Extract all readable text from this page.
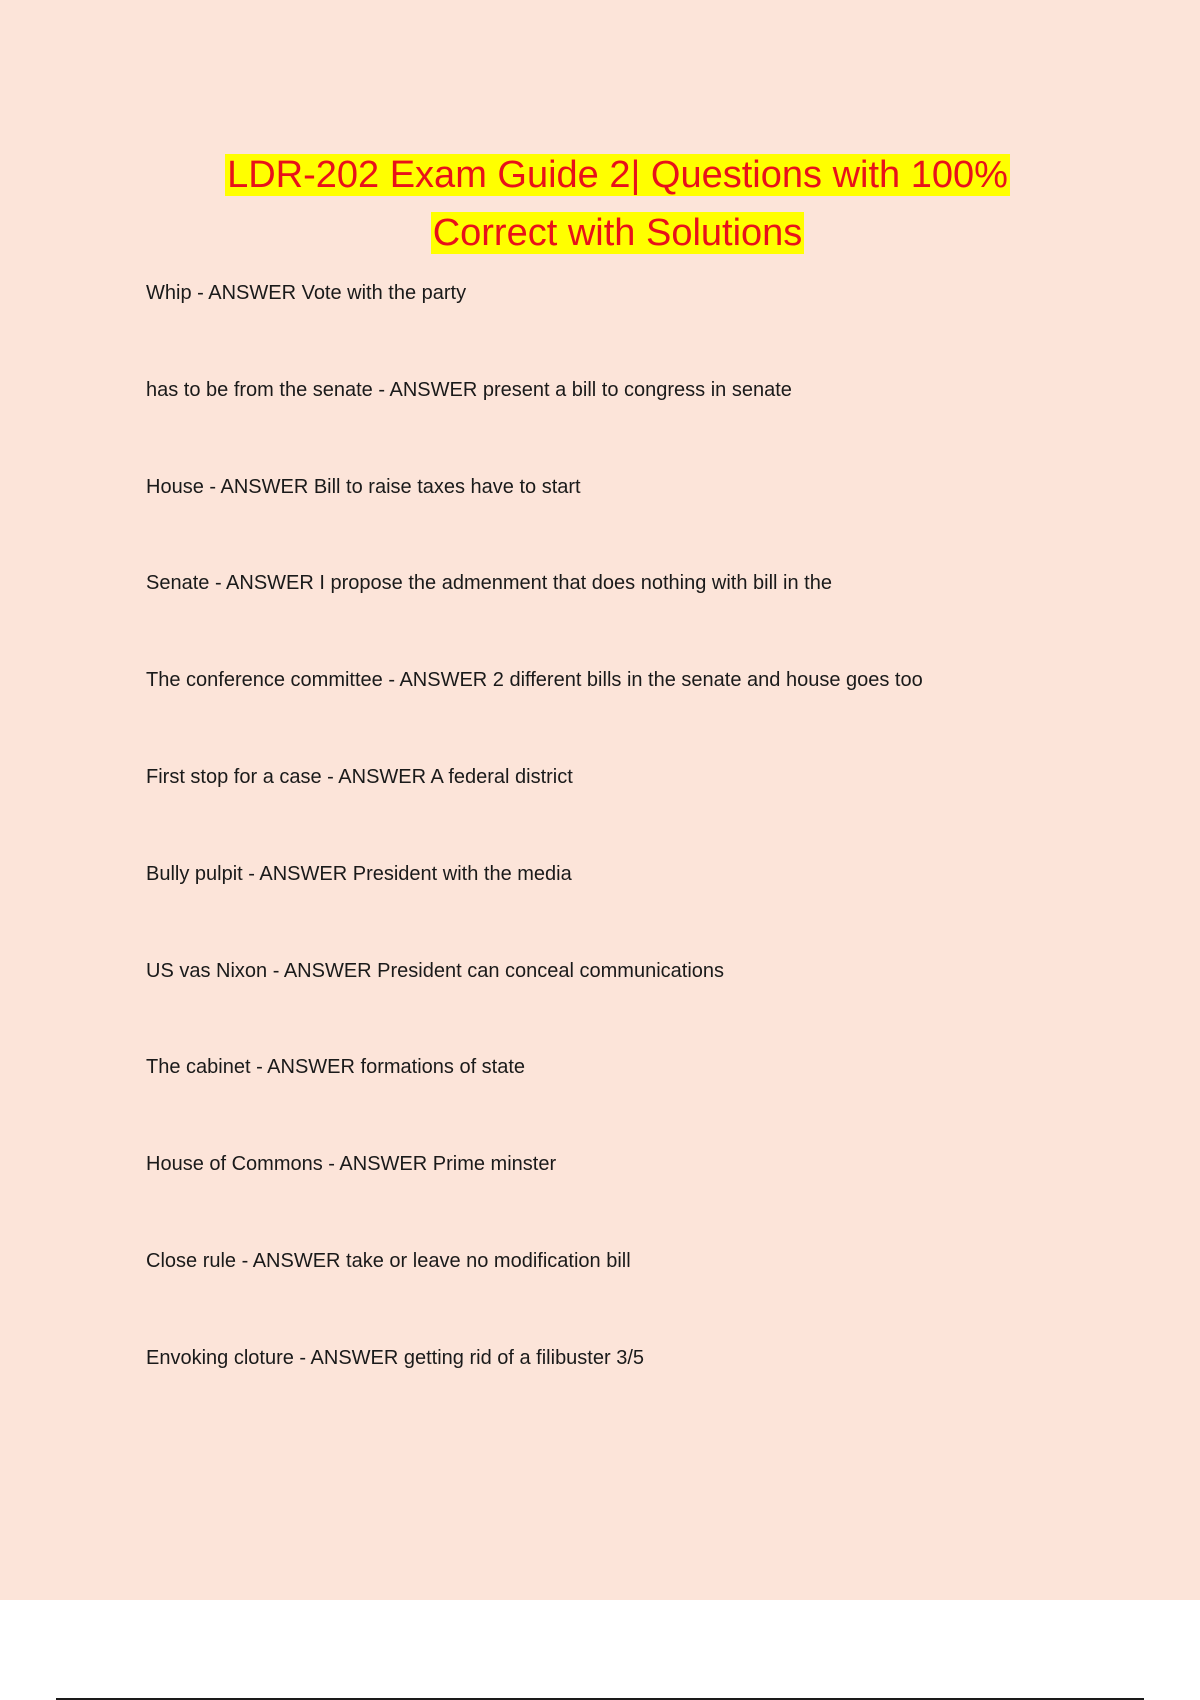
LDR-202 Exam Guide 2| Questions with 100%
Correct with Solutions
Whip - ANSWER Vote with the party
has to be from the senate - ANSWER present a bill to congress in senate
House - ANSWER Bill to raise taxes have to start
Senate - ANSWER I propose the admenment that does nothing with bill in the
The conference committee - ANSWER 2 different bills in the senate and house goes too
First stop for a case - ANSWER A federal district
Bully pulpit - ANSWER President with the media
US vas Nixon - ANSWER President can conceal communications
The cabinet - ANSWER formations of state
House of Commons - ANSWER Prime minster
Close rule - ANSWER take or leave no modification bill
Envoking cloture - ANSWER getting rid of a filibuster 3/5
